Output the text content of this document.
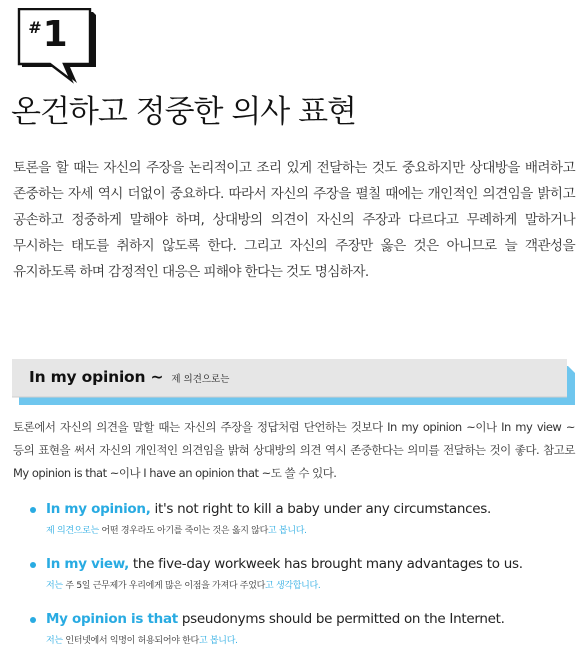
# 1
온건하고 정중한 의사 표현

토론을 할 때는 자신의 주장을 논리적이고 조리 있게 전달하는 것도 중요하지만 상대방을 배려하고 존중하는 자세 역시 더없이 중요하다. 따라서 자신의 주장을 펼칠 때에는 개인적인 의견임을 밝히고 공손하고 정중하게 말해야 하며, 상대방의 의견이 자신의 주장과 다르다고 무례하게 말하거나 무시하는 태도를 취하지 않도록 한다. 그리고 자신의 주장만 옳은 것은 아니므로 늘 객관성을 유지하도록 하며 감정적인 대응은 피해야 한다는 것도 명심하자.

In my opinion ~ 제 의견으로는

토론에서 자신의 의견을 말할 때는 자신의 주장을 정답처럼 단언하는 것보다 In my opinion ~이나 In my view ~ 등의 표현을 써서 자신의 개인적인 의견임을 밝혀 상대방의 의견 역시 존중한다는 의미를 전달하는 것이 좋다. 참고로 My opinion is that ~이나 I have an opinion that ~도 쓸 수 있다.

In my opinion, it's not right to kill a baby under any circumstances.
제 의견으로는 어떤 경우라도 아기를 죽이는 것은 옳지 않다고 봅니다.
In my view, the five-day workweek has brought many advantages to us.
저는 주 5일 근무제가 우리에게 많은 이점을 가져다 주었다고 생각합니다.
My opinion is that pseudonyms should be permitted on the Internet.
저는 인터넷에서 익명이 허용되어야 한다고 봅니다.
